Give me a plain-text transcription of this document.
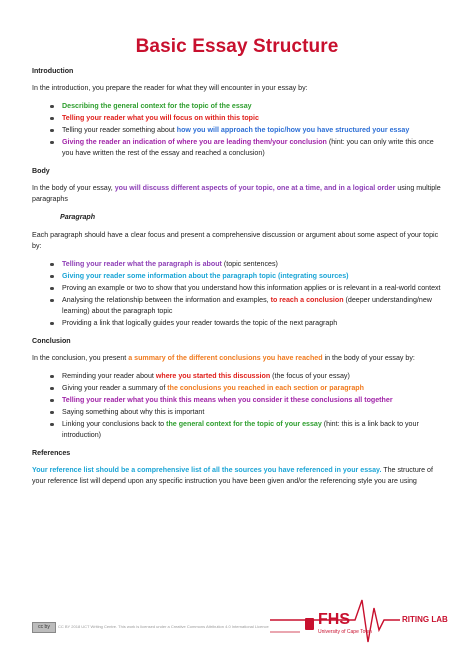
Basic Essay Structure
Introduction
In the introduction, you prepare the reader for what they will encounter in your essay by:
Describing the general context for the topic of the essay
Telling your reader what you will focus on within this topic
Telling your reader something about how you will approach the topic/how you have structured your essay
Giving the reader an indication of where you are leading them/your conclusion (hint: you can only write this once you have written the rest of the essay and reached a conclusion)
Body
In the body of your essay, you will discuss different aspects of your topic, one at a time, and in a logical order using multiple paragraphs
Paragraph
Each paragraph should have a clear focus and present a comprehensive discussion or argument about some aspect of your topic by:
Telling your reader what the paragraph is about (topic sentences)
Giving your reader some information about the paragraph topic (integrating sources)
Proving an example or two to show that you understand how this information applies or is relevant in a real-world context
Analysing the relationship between the information and examples, to reach a conclusion (deeper understanding/new learning) about the paragraph topic
Providing a link that logically guides your reader towards the topic of the next paragraph
Conclusion
In the conclusion, you present a summary of the different conclusions you have reached in the body of your essay by:
Reminding your reader about where you started this discussion (the focus of your essay)
Giving your reader a summary of the conclusions you reached in each section or paragraph
Telling your reader what you think this means when you consider it these conclusions all together
Saying something about why this is important
Linking your conclusions back to the general context for the topic of your essay (hint: this is a link back to your introduction)
References
Your reference list should be a comprehensive list of all the sources you have referenced in your essay. The structure of your reference list will depend upon any specific instruction you have been given and/or the referencing style you are using
cc by	CC BY 2018 UCT Writing Centre. This work is licensed under a Creative Commons Attribution 4.0 International Licence	FHS
University of Cape Town
RITING LAB
